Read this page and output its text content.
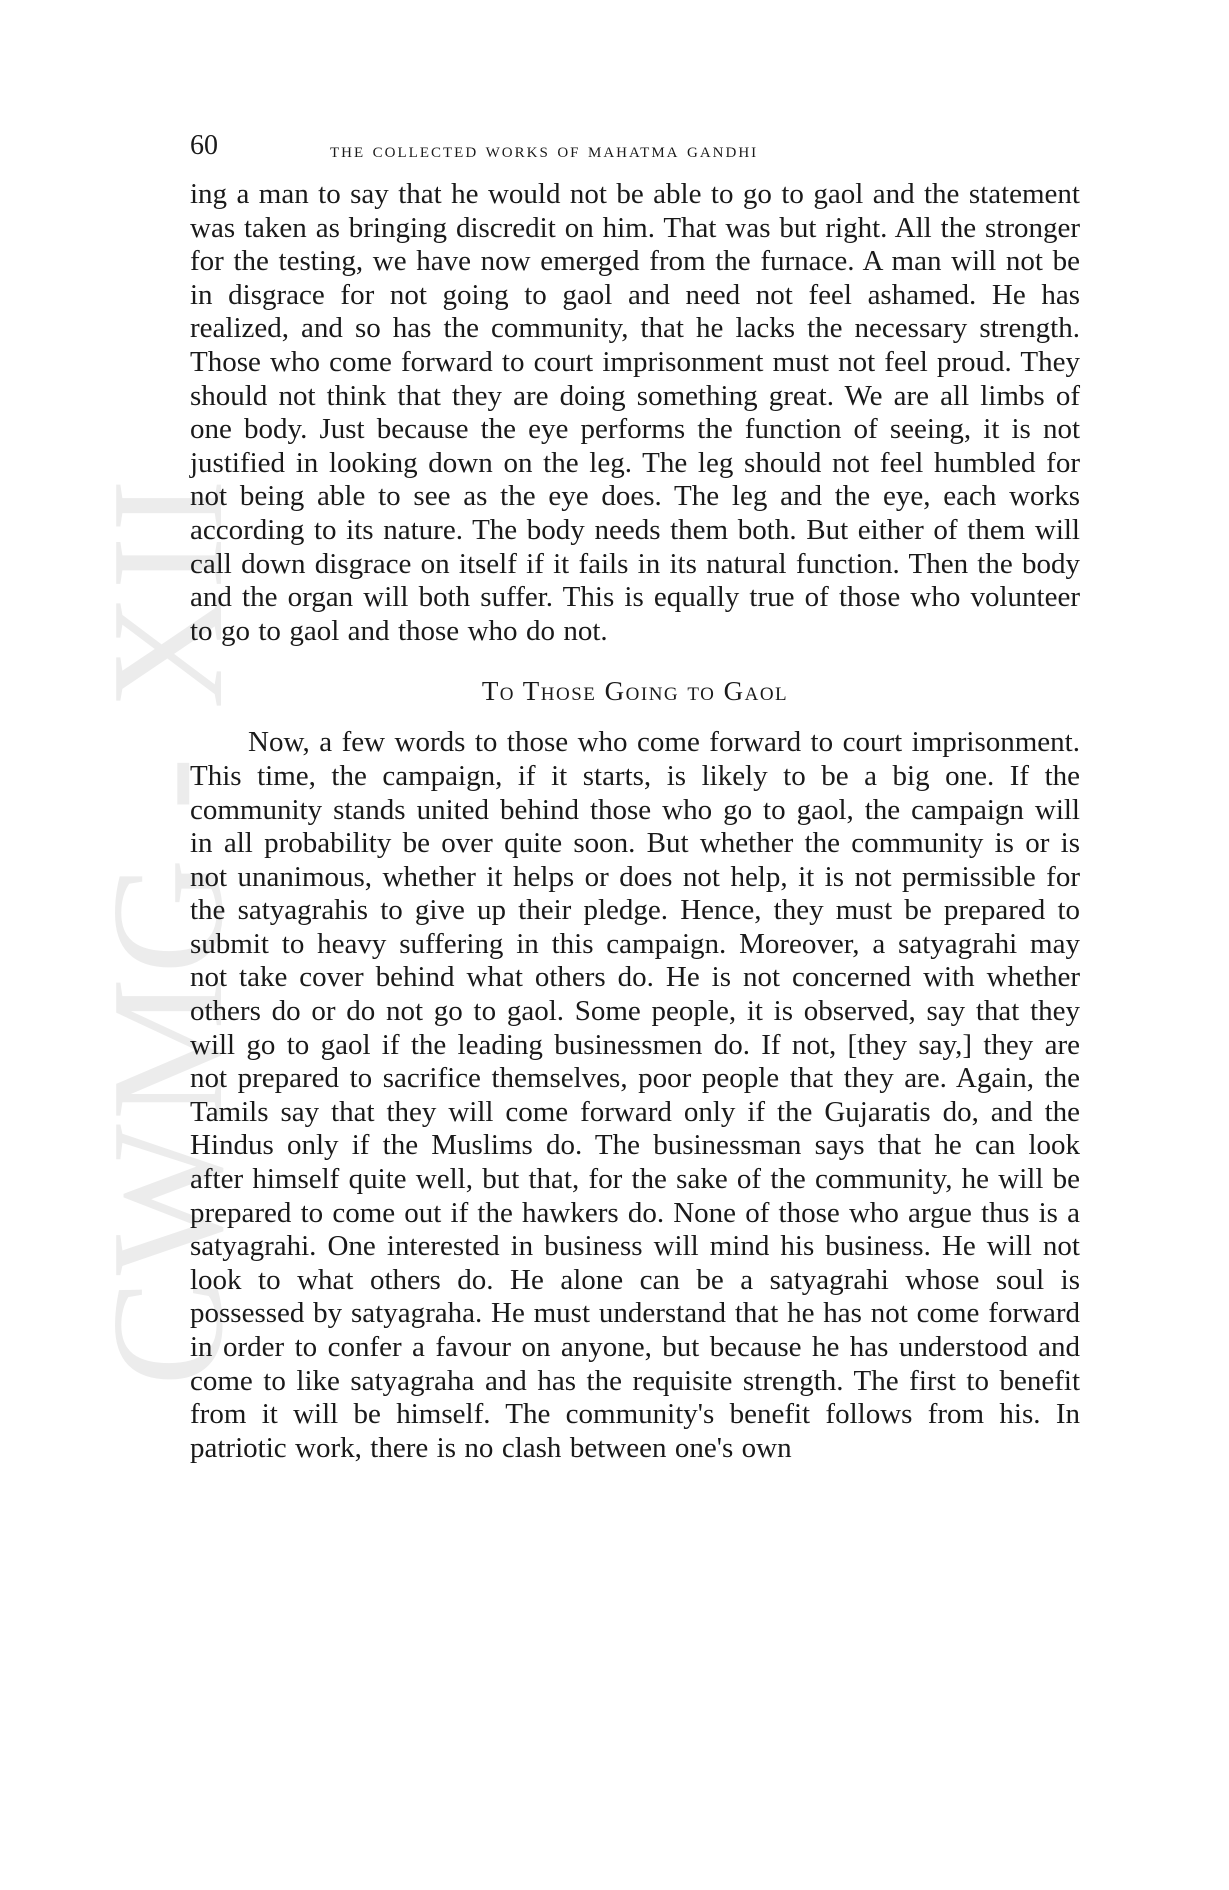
CWMG - XII
60	the collected works of mahatma gandhi

ing a man to say that he would not be able to go to gaol and the statement was taken as bringing discredit on him. That was but right. All the stronger for the testing, we have now emerged from the furnace. A man will not be in disgrace for not going to gaol and need not feel ashamed. He has realized, and so has the community, that he lacks the necessary strength. Those who come forward to court imprisonment must not feel proud. They should not think that they are doing something great. We are all limbs of one body. Just because the eye performs the function of seeing, it is not justified in looking down on the leg. The leg should not feel humbled for not being able to see as the eye does. The leg and the eye, each works according to its nature. The body needs them both. But either of them will call down disgrace on itself if it fails in its natural function. Then the body and the organ will both suffer. This is equally true of those who volunteer to go to gaol and those who do not.

To Those Going to Gaol

Now, a few words to those who come forward to court imprisonment. This time, the campaign, if it starts, is likely to be a big one. If the community stands united behind those who go to gaol, the campaign will in all probability be over quite soon. But whether the community is or is not unanimous, whether it helps or does not help, it is not permissible for the satyagrahis to give up their pledge. Hence, they must be prepared to submit to heavy suffering in this campaign. Moreover, a satyagrahi may not take cover behind what others do. He is not concerned with whether others do or do not go to gaol. Some people, it is observed, say that they will go to gaol if the leading businessmen do. If not, [they say,] they are not prepared to sacrifice themselves, poor people that they are. Again, the Tamils say that they will come forward only if the Gujaratis do, and the Hindus only if the Muslims do. The businessman says that he can look after himself quite well, but that, for the sake of the community, he will be prepared to come out if the hawkers do. None of those who argue thus is a satyagrahi. One interested in business will mind his business. He will not look to what others do. He alone can be a satyagrahi whose soul is possessed by satyagraha. He must understand that he has not come forward in order to confer a favour on anyone, but because he has understood and come to like satyagraha and has the requisite strength. The first to benefit from it will be himself. The community's benefit follows from his. In patriotic work, there is no clash between one's own
